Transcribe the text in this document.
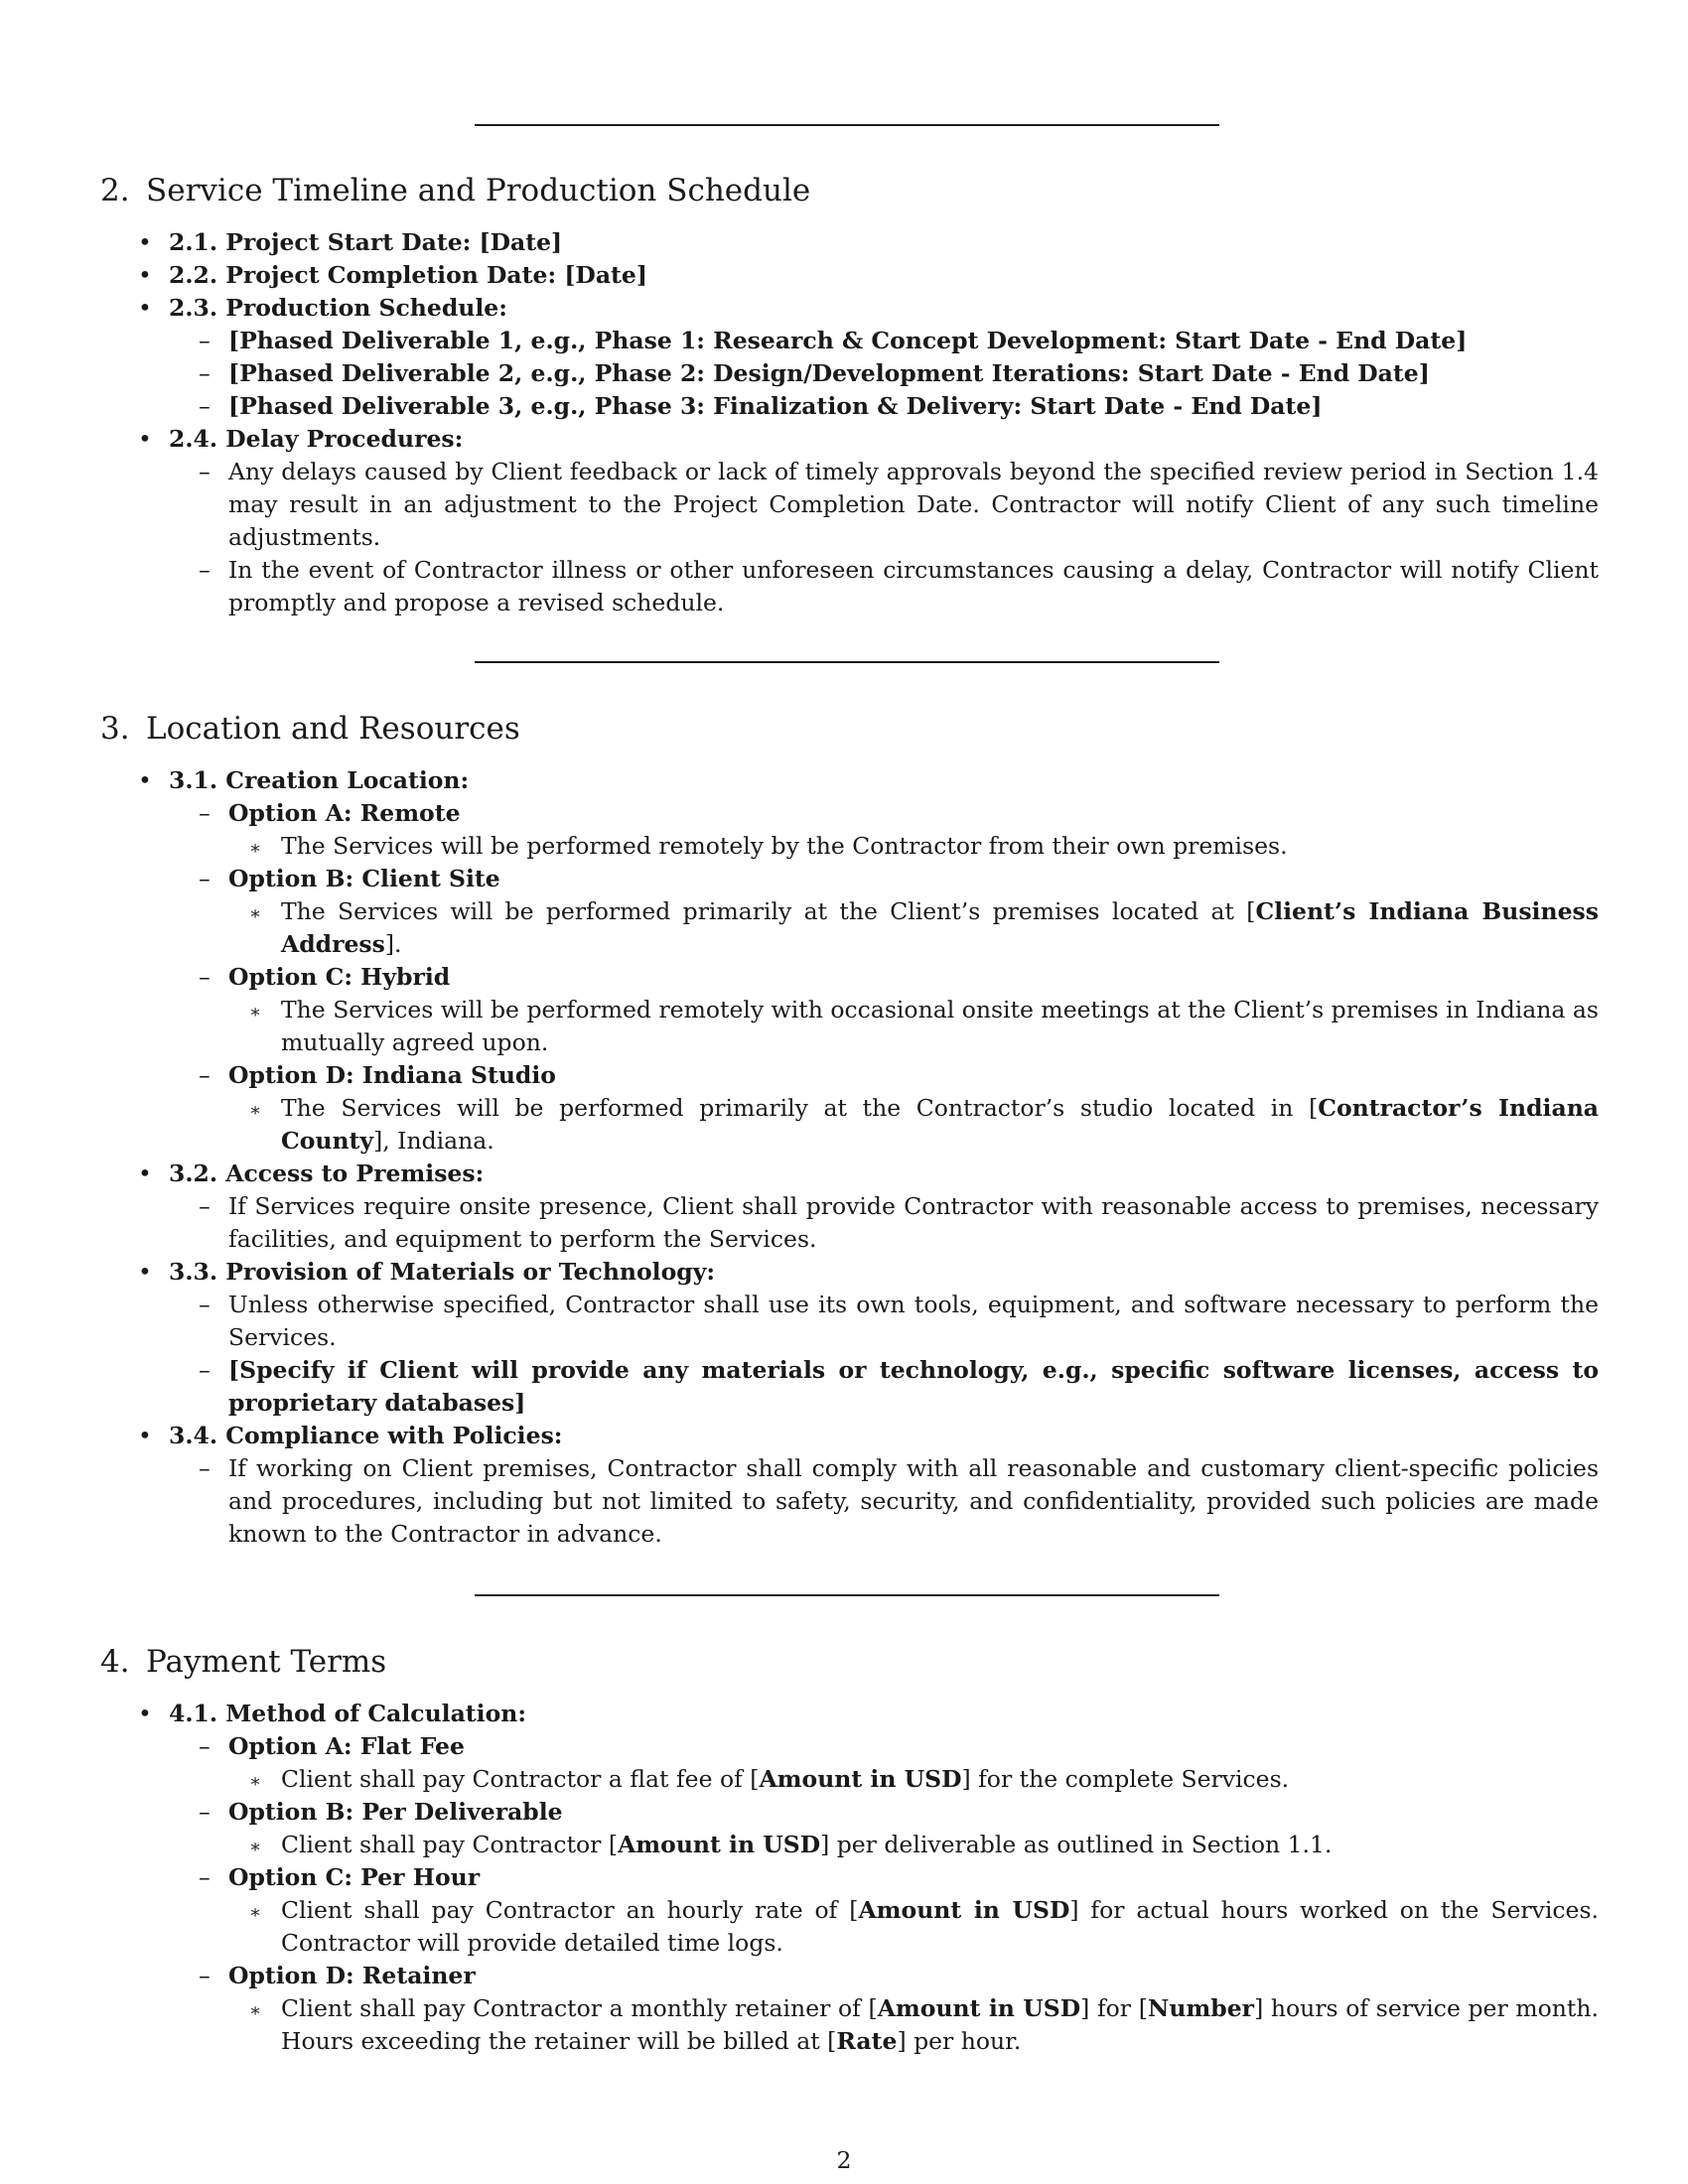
2. Service Timeline and Production Schedule
• 2.1. Project Start Date: [Date]
• 2.2. Project Completion Date: [Date]
• 2.3. Production Schedule:
– [Phased Deliverable 1, e.g., Phase 1: Research & Concept Development: Start Date - End Date]
– [Phased Deliverable 2, e.g., Phase 2: Design/Development Iterations: Start Date - End Date]
– [Phased Deliverable 3, e.g., Phase 3: Finalization & Delivery: Start Date - End Date]
• 2.4. Delay Procedures:
– Any delays caused by Client feedback or lack of timely approvals beyond the specified review period in Section 1.4 may result in an adjustment to the Project Completion Date. Contractor will notify Client of any such timeline adjustments.
– In the event of Contractor illness or other unforeseen circumstances causing a delay, Contractor will notify Client promptly and propose a revised schedule.
3. Location and Resources
• 3.1. Creation Location:
– Option A: Remote
∗ The Services will be performed remotely by the Contractor from their own premises.
– Option B: Client Site
∗ The Services will be performed primarily at the Client’s premises located at [Client’s Indiana Business Address].
– Option C: Hybrid
∗ The Services will be performed remotely with occasional onsite meetings at the Client’s premises in Indiana as mutually agreed upon.
– Option D: Indiana Studio
∗ The Services will be performed primarily at the Contractor’s studio located in [Contractor’s Indiana County], Indiana.
• 3.2. Access to Premises:
– If Services require onsite presence, Client shall provide Contractor with reasonable access to premises, necessary facilities, and equipment to perform the Services.
• 3.3. Provision of Materials or Technology:
– Unless otherwise specified, Contractor shall use its own tools, equipment, and software necessary to perform the Services.
– [Specify if Client will provide any materials or technology, e.g., specific software licenses, access to proprietary databases]
• 3.4. Compliance with Policies:
– If working on Client premises, Contractor shall comply with all reasonable and customary client-specific policies and procedures, including but not limited to safety, security, and confidentiality, provided such policies are made known to the Contractor in advance.
4. Payment Terms
• 4.1. Method of Calculation:
– Option A: Flat Fee
∗ Client shall pay Contractor a flat fee of [Amount in USD] for the complete Services.
– Option B: Per Deliverable
∗ Client shall pay Contractor [Amount in USD] per deliverable as outlined in Section 1.1.
– Option C: Per Hour
∗ Client shall pay Contractor an hourly rate of [Amount in USD] for actual hours worked on the Services. Contractor will provide detailed time logs.
– Option D: Retainer
∗ Client shall pay Contractor a monthly retainer of [Amount in USD] for [Number] hours of service per month. Hours exceeding the retainer will be billed at [Rate] per hour.
2
